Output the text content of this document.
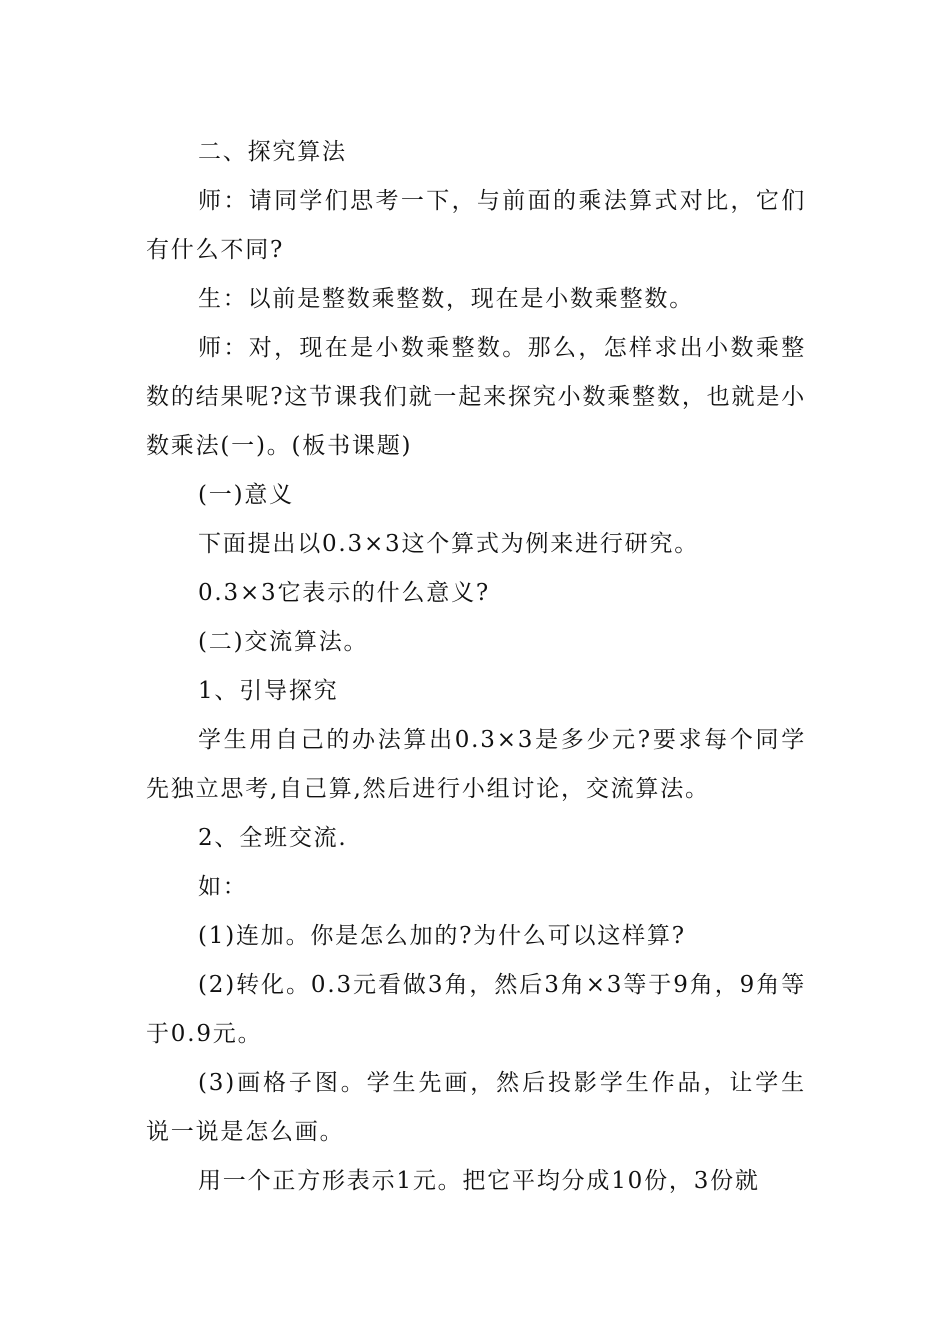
二、探究算法

师：请同学们思考一下，与前面的乘法算式对比，它们有什么不同?

生：以前是整数乘整数，现在是小数乘整数。

师：对，现在是小数乘整数。那么，怎样求出小数乘整数的结果呢?这节课我们就一起来探究小数乘整数，也就是小数乘法(一)。(板书课题)

(一)意义

下面提出以0.3×3这个算式为例来进行研究。

0.3×3它表示的什么意义?

(二)交流算法。

1、引导探究

学生用自己的办法算出0.3×3是多少元?要求每个同学先独立思考,自己算,然后进行小组讨论，交流算法。

2、全班交流.

如：

(1)连加。你是怎么加的?为什么可以这样算?

(2)转化。0.3元看做3角，然后3角×3等于9角，9角等于0.9元。

(3)画格子图。学生先画，然后投影学生作品，让学生说一说是怎么画。

用一个正方形表示1元。把它平均分成10份，3份就
